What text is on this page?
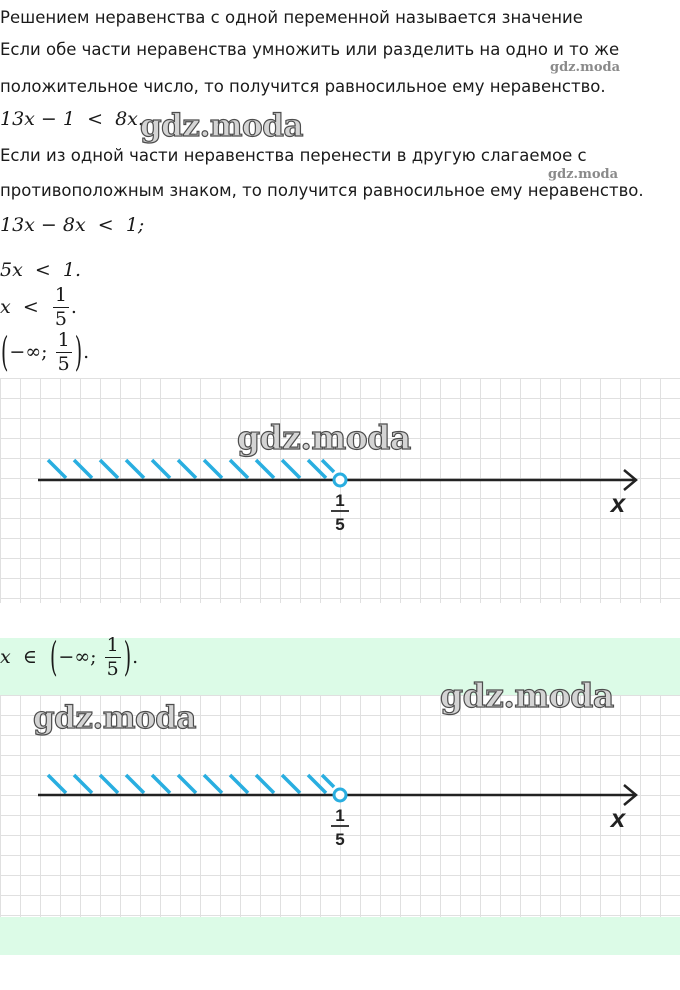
Решением неравенства с одной переменной называется значение
Если обе части неравенства умножить или разделить на одно и то же
положительное число, то получится равносильное ему неравенство.
gdz.moda
13x − 1 < 8x.
gdz.moda
Если из одной части неравенства перенести в другую слагаемое с
противоположным знаком, то получится равносильное ему неравенство.
gdz.moda
13x − 8x < 1;
5x < 1.
$x < \frac{1}{5}$ .
(−∞; $\frac{1}{5}$ ).
gdz.moda
1
5
x
x ∈ (−∞; $\frac{1}{5}$ ).
gdz.moda
gdz.moda
1
5
x
